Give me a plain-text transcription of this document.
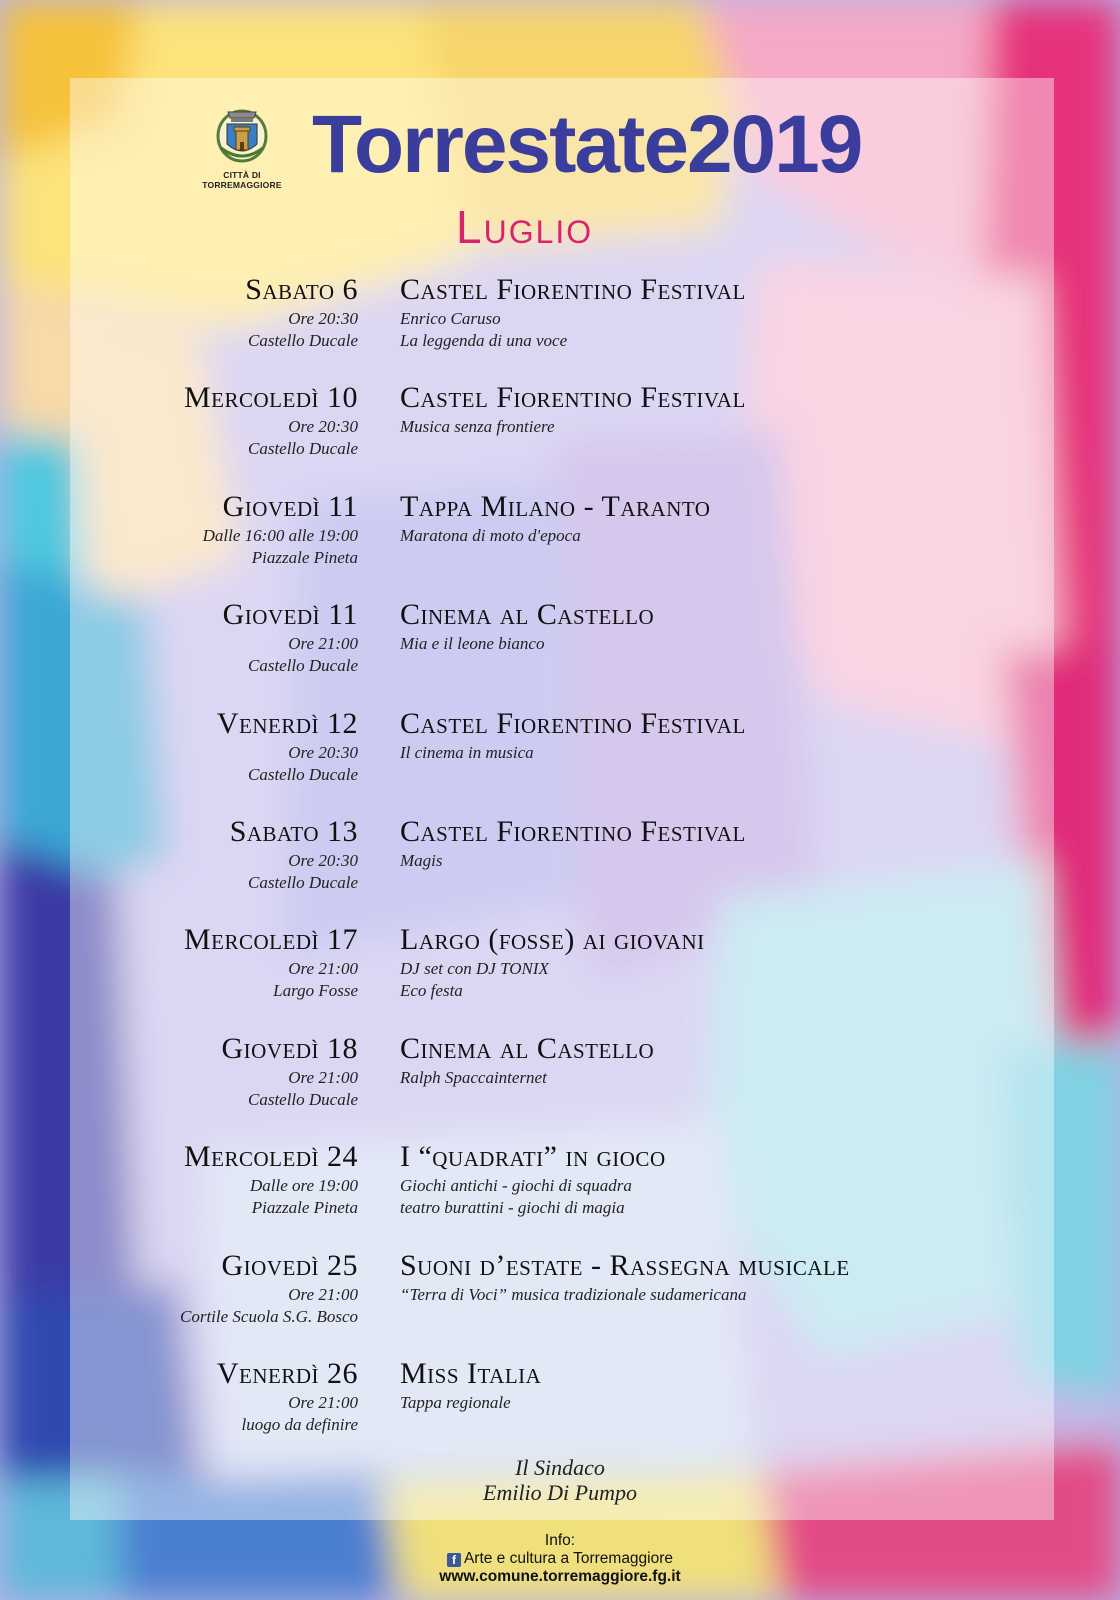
CITTÀ DI TORREMAGGIORE Torrestate2019
Luglio
Sabato 6
Ore 20:30
Castello Ducale
Castel Fiorentino Festival
Enrico Caruso
La leggenda di una voce
Mercoledì 10
Ore 20:30
Castello Ducale
Castel Fiorentino Festival
Musica senza frontiere
Giovedì 11
Dalle 16:00 alle 19:00
Piazzale Pineta
Tappa Milano - Taranto
Maratona di moto d'epoca
Giovedì 11
Ore 21:00
Castello Ducale
Cinema al Castello
Mia e il leone bianco
Venerdì 12
Ore 20:30
Castello Ducale
Castel Fiorentino Festival
Il cinema in musica
Sabato 13
Ore 20:30
Castello Ducale
Castel Fiorentino Festival
Magis
Mercoledì 17
Ore 21:00
Largo Fosse
Largo (fosse) ai giovani
DJ set con DJ TONIX
Eco festa
Giovedì 18
Ore 21:00
Castello Ducale
Cinema al Castello
Ralph Spaccainternet
Mercoledì 24
Dalle ore 19:00
Piazzale Pineta
I “quadrati” in gioco
Giochi antichi - giochi di squadra
teatro burattini - giochi di magia
Giovedì 25
Ore 21:00
Cortile Scuola S.G. Bosco
Suoni d’estate - Rassegna musicale
“Terra di Voci” musica tradizionale sudamericana
Venerdì 26
Ore 21:00
luogo da definire
Miss Italia
Tappa regionale
Il Sindaco
Emilio Di Pumpo
Info:
f Arte e cultura a Torremaggiore
www.comune.torremaggiore.fg.it
